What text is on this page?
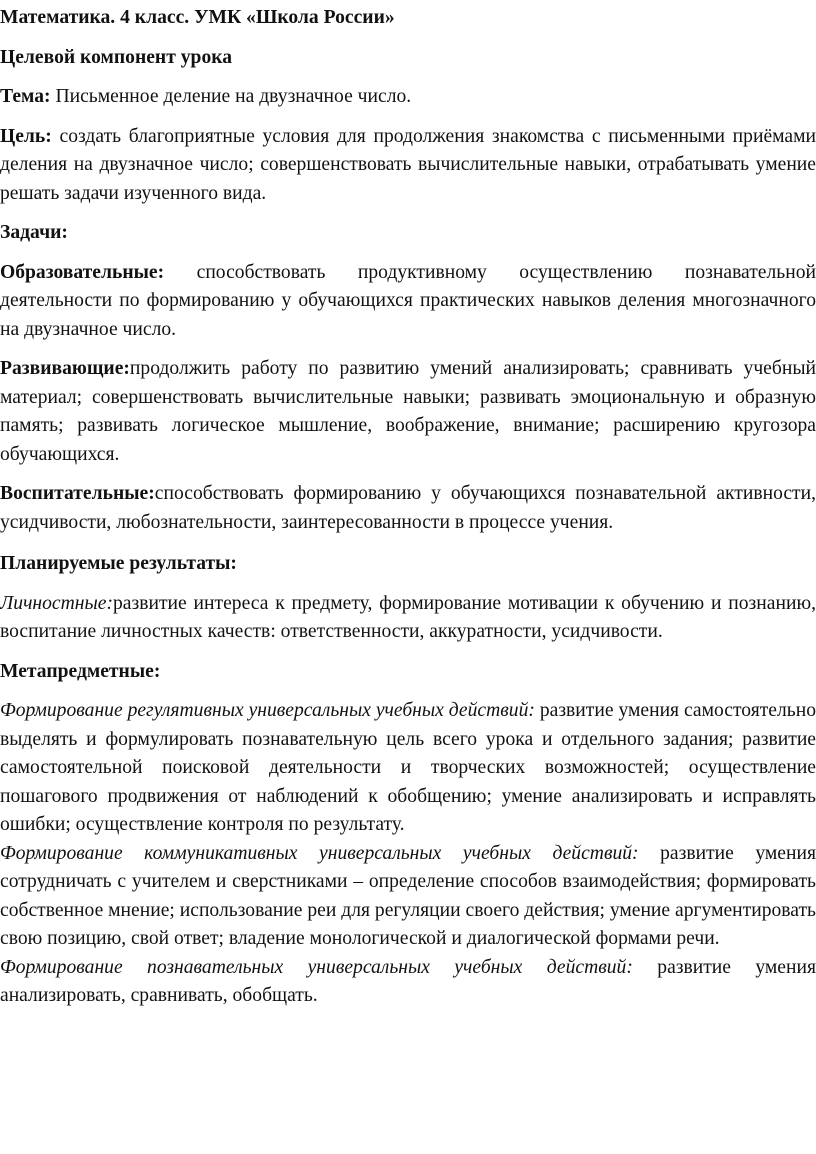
Математика. 4 класс. УМК «Школа России»

Целевой компонент урока

Тема: Письменное деление на двузначное число.

Цель: создать благоприятные условия для продолжения знакомства с письменными приёмами деления на двузначное число; совершенствовать вычислительные навыки, отрабатывать умение решать задачи изученного вида.

Задачи:

Образовательные: способствовать продуктивному осуществлению познавательной деятельности по формированию у обучающихся практических навыков деления многозначного на двузначное число.

Развивающие:продолжить работу по развитию умений анализировать; сравнивать учебный материал; совершенствовать вычислительные навыки; развивать эмоциональную и образную память; развивать логическое мышление, воображение, внимание; расширению кругозора обучающихся.

Воспитательные:способствовать формированию у обучающихся познавательной активности, усидчивости, любознательности, заинтересованности в процессе учения.

Планируемые результаты:

Личностные:развитие интереса к предмету, формирование мотивации к обучению и познанию, воспитание личностных качеств: ответственности, аккуратности, усидчивости.

Метапредметные:

Формирование регулятивных универсальных учебных действий: развитие умения самостоятельно выделять и формулировать познавательную цель всего урока и отдельного задания; развитие самостоятельной поисковой деятельности и творческих возможностей; осуществление пошагового продвижения от наблюдений к обобщению; умение анализировать и исправлять ошибки; осуществление контроля по результату.

Формирование коммуникативных универсальных учебных действий: развитие умения сотрудничать с учителем и сверстниками – определение способов взаимодействия; формировать собственное мнение; использование реи для регуляции своего действия; умение аргументировать свою позицию, свой ответ; владение монологической и диалогической формами речи.

Формирование познавательных универсальных учебных действий: развитие умения анализировать, сравнивать, обобщать.
